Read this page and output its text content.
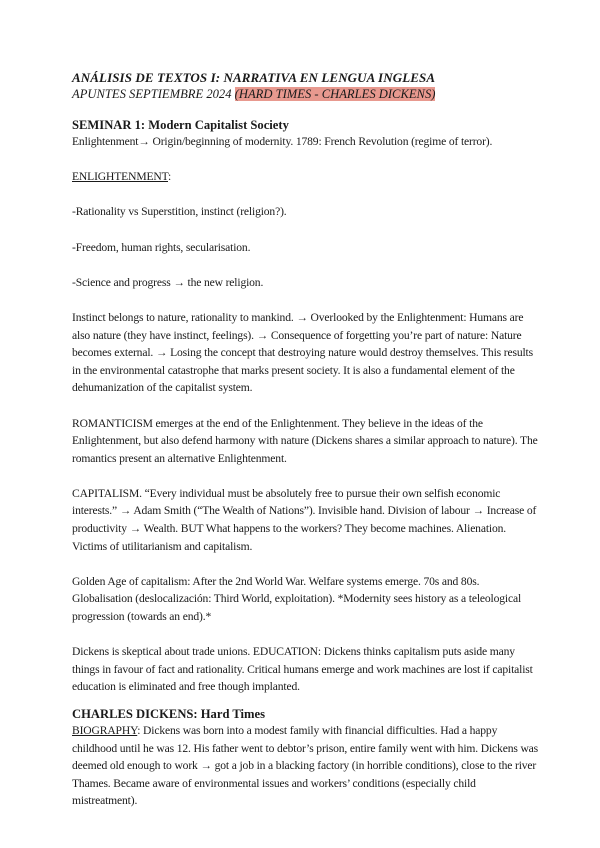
ANÁLISIS DE TEXTOS I: NARRATIVA EN LENGUA INGLESA

APUNTES SEPTIEMBRE 2024 (HARD TIMES - CHARLES DICKENS)

SEMINAR 1: Modern Capitalist Society

Enlightenment→ Origin/beginning of modernity. 1789: French Revolution (regime of terror).

ENLIGHTENMENT:

-Rationality vs Superstition, instinct (religion?).

-Freedom, human rights, secularisation.

-Science and progress → the new religion.

Instinct belongs to nature, rationality to mankind. → Overlooked by the Enlightenment: Humans are also nature (they have instinct, feelings). → Consequence of forgetting you’re part of nature: Nature becomes external. → Losing the concept that destroying nature would destroy themselves. This results in the environmental catastrophe that marks present society. It is also a fundamental element of the dehumanization of the capitalist system.

ROMANTICISM emerges at the end of the Enlightenment. They believe in the ideas of the Enlightenment, but also defend harmony with nature (Dickens shares a similar approach to nature). The romantics present an alternative Enlightenment.

CAPITALISM. “Every individual must be absolutely free to pursue their own selfish economic interests.” → Adam Smith (“The Wealth of Nations”). Invisible hand. Division of labour → Increase of productivity → Wealth. BUT What happens to the workers? They become machines. Alienation. Victims of utilitarianism and capitalism.

Golden Age of capitalism: After the 2nd World War. Welfare systems emerge. 70s and 80s. Globalisation (deslocalización: Third World, exploitation). *Modernity sees history as a teleological progression (towards an end).*

Dickens is skeptical about trade unions. EDUCATION: Dickens thinks capitalism puts aside many things in favour of fact and rationality. Critical humans emerge and work machines are lost if capitalist education is eliminated and free though implanted.

CHARLES DICKENS: Hard Times

BIOGRAPHY: Dickens was born into a modest family with financial difficulties. Had a happy childhood until he was 12. His father went to debtor’s prison, entire family went with him. Dickens was deemed old enough to work → got a job in a blacking factory (in horrible conditions), close to the river Thames. Became aware of environmental issues and workers’ conditions (especially child mistreatment).
